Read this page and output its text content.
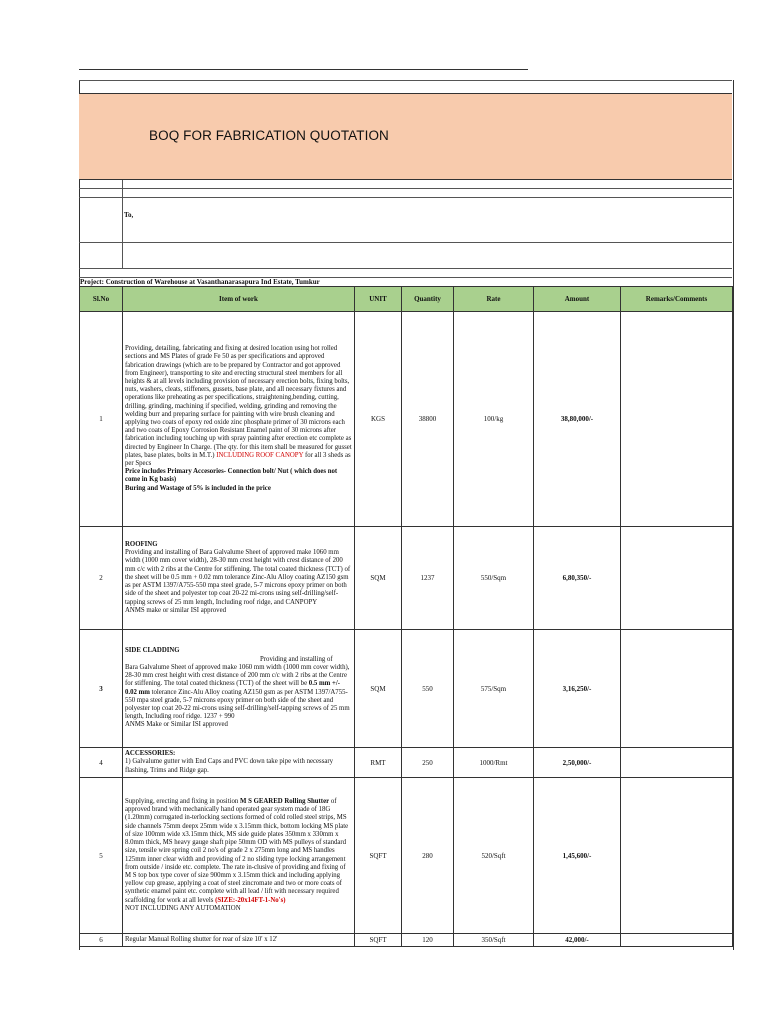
BOQ FOR FABRICATION QUOTATION
To,
Project: Construction of Warehouse at Vasanthanarasapura Ind Estate, Tumkur
Sl.No	Item of work	UNIT	Quantity	Rate	Amount	Remarks/Comments
1	Providing, detailing, fabricating and fixing at desired location using hot rolled sections and MS Plates of grade Fe 50 as per specifications and approved fabrication drawings (which are to be prepared by Contractor and got approved from Engineer), transporting to site and erecting structural steel members for all heights & at all levels including provision of necessary erection bolts, fixing bolts, nuts, washers, cleats, stiffeners, gussets, base plate, and all necessary fixtures and operations like preheating as per specifications, straightening,bending, cutting, drilling, grinding, machining if specified, welding, grinding and removing the welding burr and preparing surface for painting with wire brush cleaning and applying two coats of epoxy red oxide zinc phosphate primer of 30 microns each and two coats of Epoxy Corrosion Resistant Enamel paint of 30 microns after fabrication including touching up with spray painting after erection etc complete as directed by Engineer In Charge. (The qty. for this item shall be measured for gusset plates, base plates, bolts in M.T.) INCLUDING ROOF CANOPY for all 3 sheds as per Specs
Price includes Primary Accesories- Connection bolt/ Nut ( which does not come in Kg basis)
Buring and Wastage of 5% is included in the price	KGS	38800	100/kg	38,80,000/-	
2	ROOFING
Providing and installing of Bara Galvalume Sheet of approved make 1060 mm width (1000 mm cover width), 28-30 mm crest height with crest distance of 200 mm c/c with 2 ribs at the Centre for stiffening. The total coated thickness (TCT) of the sheet will be 0.5 mm + 0.02 mm tolerance Zinc-Alu Alloy coating AZ150 gsm as per ASTM 1397/A755-550 mpa steel grade, 5-7 microns epoxy primer on both side of the sheet and polyester top coat 20-22 mi-crons using self-drilling/self-tapping screws of 25 mm length, Including roof ridge, and CANPOPY
ANMS make or similar ISI approved	SQM	1237	550/Sqm	6,80,350/-	
3	SIDE CLADDING
Providing and installing of
Bara Galvalume Sheet of approved make 1060 mm width (1000 mm cover width), 28-30 mm crest height with crest distance of 200 mm c/c with 2 ribs at the Centre for stiffening. The total coated thickness (TCT) of the sheet will be 0.5 mm +/- 0.02 mm tolerance Zinc-Alu Alloy coating AZ150 gsm as per ASTM 1397/A755-550 mpa steel grade, 5-7 microns epoxy primer on both side of the sheet and polyester top coat 20-22 mi-crons using self-drilling/self-tapping screws of 25 mm length, Including roof ridge. 1237 + 990
ANMS Make or Similar ISI approved	SQM	550	575/Sqm	3,16,250/-	
4	ACCESSORIES:
1) Galvalume gutter with End Caps and PVC down take pipe with necessary flashing, Trims and Ridge gap.	RMT	250	1000/Rmt	2,50,000/-	
5	Supplying, erecting and fixing in position M S GEARED Rolling Shutter of approved brand with mechanically hand operated gear system made of 18G (1.20mm) corrugated in-terlocking sections formed of cold rolled steel strips, MS side channels 75mm deepx 25mm wide x 3.15mm thick, bottom locking MS plate of size 100mm wide x3.15mm thick, MS side guide plates 350mm x 330mm x 8.0mm thick, MS heavy gauge shaft pipe 50mm OD with MS pulleys of standard size, tensile wire spring coil 2 no's of grade 2 x 275mm long and MS handles 125mm inner clear width and providing of 2 no sliding type locking arrangement from outside / inside etc. complete. The rate in-clusive of providing and fixing of M S top box type cover of size 900mm x 3.15mm thick and including applying yellow cup grease, applying a coat of steel zincromate and two or more coats of synthetic enamel paint etc. complete with all lead / lift with necessary required scaffolding for work at all levels (SIZE:-20x14FT-1-No's)
NOT INCLUDING ANY AUTOMATION	SQFT	280	520/Sqft	1,45,600/-	
6	Regular Manual Rolling shutter for rear of size 10' x 12'	SQFT	120	350/Sqft	42,000/-	
